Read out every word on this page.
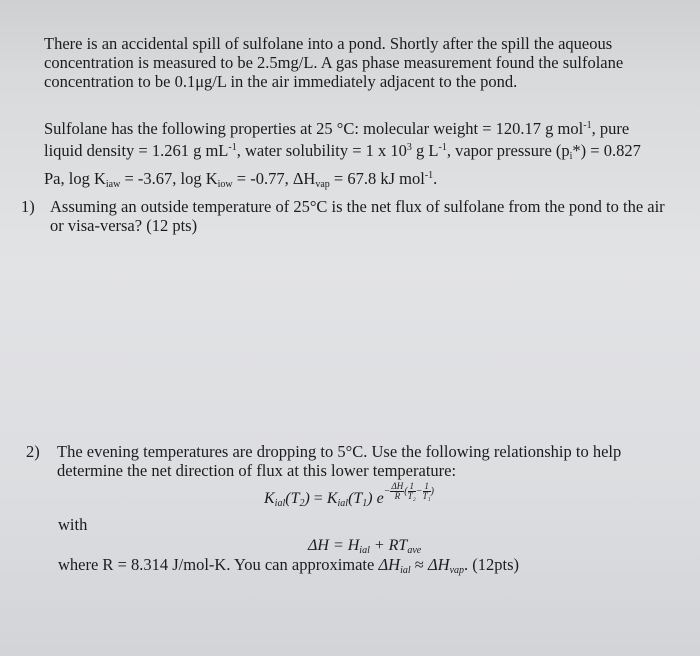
There is an accidental spill of sulfolane into a pond. Shortly after the spill the aqueous
concentration is measured to be 2.5mg/L. A gas phase measurement found the sulfolane
concentration to be 0.1μg/L in the air immediately adjacent to the pond.
Sulfolane has the following properties at 25 °C: molecular weight = 120.17 g mol$^{-1}$, pure
liquid density = 1.261 g $mL^{-1}$, water solubility = 1 x $10^3$ g $L^{-1}$, vapor pressure $(p_i*) = 0.827$
Pa, $\log K_{iaw} = -3.67$, $\log K_{iow} = -0.77$, $\Delta H_{vap} = 67.8$ kJ mol$^{-1}$.
1) Assuming an outside temperature of 25°C is the net flux of sulfolane from the pond to the air
or visa-versa? (12 pts)

2) The evening temperatures are dropping to 5°C. Use the following relationship to help
determine the net direction of flux at this lower temperature:
$K_{ial}(T_2) = K_{ial}(T_1)$ $e^{- \frac{\Delta H}{R} ( \frac{1}{\text{T₂}} - \frac{1}{\text{T₁}} )}$
with
$\Delta H = H_{ial} + RT_{ave}$
where R = 8.314 J/mol-K. You can approximate $\Delta H_{ial} \approx \Delta H_{vap}$. (12pts)
